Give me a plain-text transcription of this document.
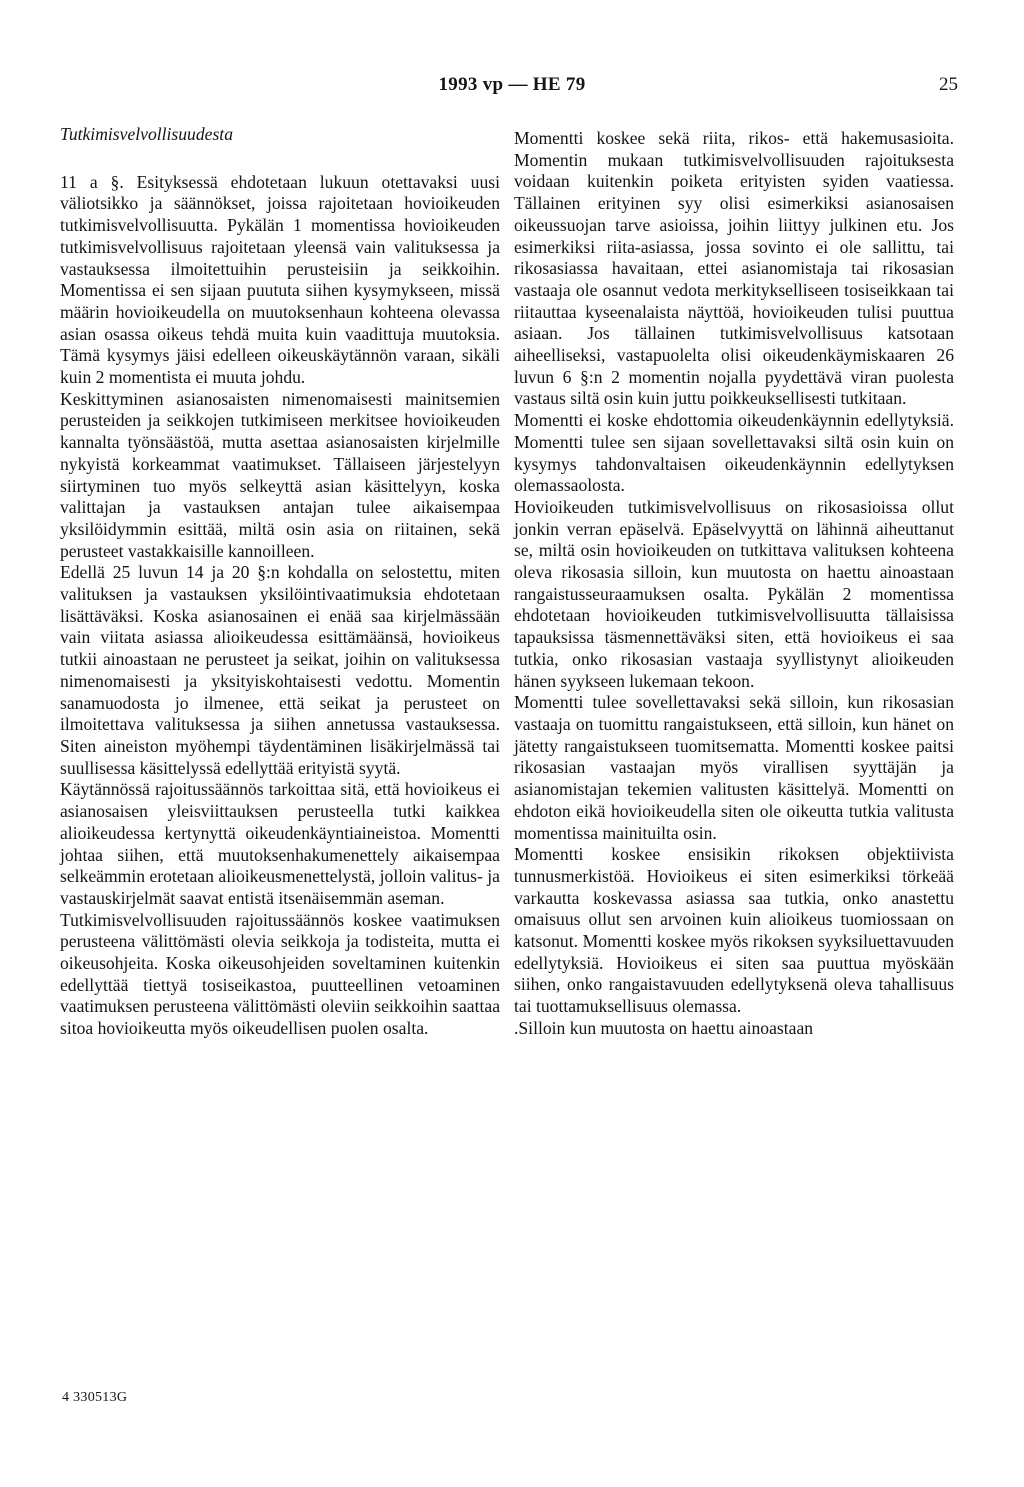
1993 vp — HE 79	25

Tutkimisvelvollisuudesta

11 a §. Esityksessä ehdotetaan lukuun otettavaksi uusi väliotsikko ja säännökset, joissa rajoitetaan hovioikeuden tutkimisvelvollisuutta. Pykälän 1 momentissa hovioikeuden tutkimisvelvollisuus rajoitetaan yleensä vain valituksessa ja vastauksessa ilmoitettuihin perusteisiin ja seikkoihin. Momentissa ei sen sijaan puututa siihen kysymykseen, missä määrin hovioikeudella on muutoksenhaun kohteena olevassa asian osassa oikeus tehdä muita kuin vaadittuja muutoksia. Tämä kysymys jäisi edelleen oikeuskäytännön varaan, sikäli kuin 2 momentista ei muuta johdu.

Keskittyminen asianosaisten nimenomaisesti mainitsemien perusteiden ja seikkojen tutkimiseen merkitsee hovioikeuden kannalta työnsäästöä, mutta asettaa asianosaisten kirjelmille nykyistä korkeammat vaatimukset. Tällaiseen järjestelyyn siirtyminen tuo myös selkeyttä asian käsittelyyn, koska valittajan ja vastauksen antajan tulee aikaisempaa yksilöidymmin esittää, miltä osin asia on riitainen, sekä perusteet vastakkaisille kannoilleen.

Edellä 25 luvun 14 ja 20 §:n kohdalla on selostettu, miten valituksen ja vastauksen yksilöintivaatimuksia ehdotetaan lisättäväksi. Koska asianosainen ei enää saa kirjelmässään vain viitata asiassa alioikeudessa esittämäänsä, hovioikeus tutkii ainoastaan ne perusteet ja seikat, joihin on valituksessa nimenomaisesti ja yksityiskohtaisesti vedottu. Momentin sanamuodosta jo ilmenee, että seikat ja perusteet on ilmoitettava valituksessa ja siihen annetussa vastauksessa. Siten aineiston myöhempi täydentäminen lisäkirjelmässä tai suullisessa käsittelyssä edellyttää erityistä syytä.

Käytännössä rajoitussäännös tarkoittaa sitä, että hovioikeus ei asianosaisen yleisviittauksen perusteella tutki kaikkea alioikeudessa kertynyttä oikeudenkäyntiaineistoa. Momentti johtaa siihen, että muutoksenhakumenettely aikaisempaa selkeämmin erotetaan alioikeusmenettelystä, jolloin valitus- ja vastauskirjelmät saavat entistä itsenäisemmän aseman.

Tutkimisvelvollisuuden rajoitussäännös koskee vaatimuksen perusteena välittömästi olevia seikkoja ja todisteita, mutta ei oikeusohjeita. Koska oikeusohjeiden soveltaminen kuitenkin edellyttää tiettyä tosiseikastoa, puutteellinen vetoaminen vaatimuksen perusteena välittömästi oleviin seikkoihin saattaa sitoa hovioikeutta myös oikeudellisen puolen osalta.

Momentti koskee sekä riita, rikos- että hakemusasioita. Momentin mukaan tutkimisvelvollisuuden rajoituksesta voidaan kuitenkin poiketa erityisten syiden vaatiessa. Tällainen erityinen syy olisi esimerkiksi asianosaisen oikeussuojan tarve asioissa, joihin liittyy julkinen etu. Jos esimerkiksi riita-asiassa, jossa sovinto ei ole sallittu, tai rikosasiassa havaitaan, ettei asianomistaja tai rikosasian vastaaja ole osannut vedota merkitykselliseen tosiseikkaan tai riitauttaa kyseenalaista näyttöä, hovioikeuden tulisi puuttua asiaan. Jos tällainen tutkimisvelvollisuus katsotaan aiheelliseksi, vastapuolelta olisi oikeudenkäymiskaaren 26 luvun 6 §:n 2 momentin nojalla pyydettävä viran puolesta vastaus siltä osin kuin juttu poikkeuksellisesti tutkitaan.

Momentti ei koske ehdottomia oikeudenkäynnin edellytyksiä. Momentti tulee sen sijaan sovellettavaksi siltä osin kuin on kysymys tahdonvaltaisen oikeudenkäynnin edellytyksen olemassaolosta.

Hovioikeuden tutkimisvelvollisuus on rikosasioissa ollut jonkin verran epäselvä. Epäselvyyttä on lähinnä aiheuttanut se, miltä osin hovioikeuden on tutkittava valituksen kohteena oleva rikosasia silloin, kun muutosta on haettu ainoastaan rangaistusseuraamuksen osalta. Pykälän 2 momentissa ehdotetaan hovioikeuden tutkimisvelvollisuutta tällaisissa tapauksissa täsmennettäväksi siten, että hovioikeus ei saa tutkia, onko rikosasian vastaaja syyllistynyt alioikeuden hänen syykseen lukemaan tekoon.

Momentti tulee sovellettavaksi sekä silloin, kun rikosasian vastaaja on tuomittu rangaistukseen, että silloin, kun hänet on jätetty rangaistukseen tuomitsematta. Momentti koskee paitsi rikosasian vastaajan myös virallisen syyttäjän ja asianomistajan tekemien valitusten käsittelyä. Momentti on ehdoton eikä hovioikeudella siten ole oikeutta tutkia valitusta momentissa mainituilta osin.

Momentti koskee ensisikin rikoksen objektiivista tunnusmerkistöä. Hovioikeus ei siten esimerkiksi törkeää varkautta koskevassa asiassa saa tutkia, onko anastettu omaisuus ollut sen arvoinen kuin alioikeus tuomiossaan on katsonut. Momentti koskee myös rikoksen syyksiluettavuuden edellytyksiä. Hovioikeus ei siten saa puuttua myöskään siihen, onko rangaistavuuden edellytyksenä oleva tahallisuus tai tuottamuksellisuus olemassa.

.Silloin kun muutosta on haettu ainoastaan

4 330513G
